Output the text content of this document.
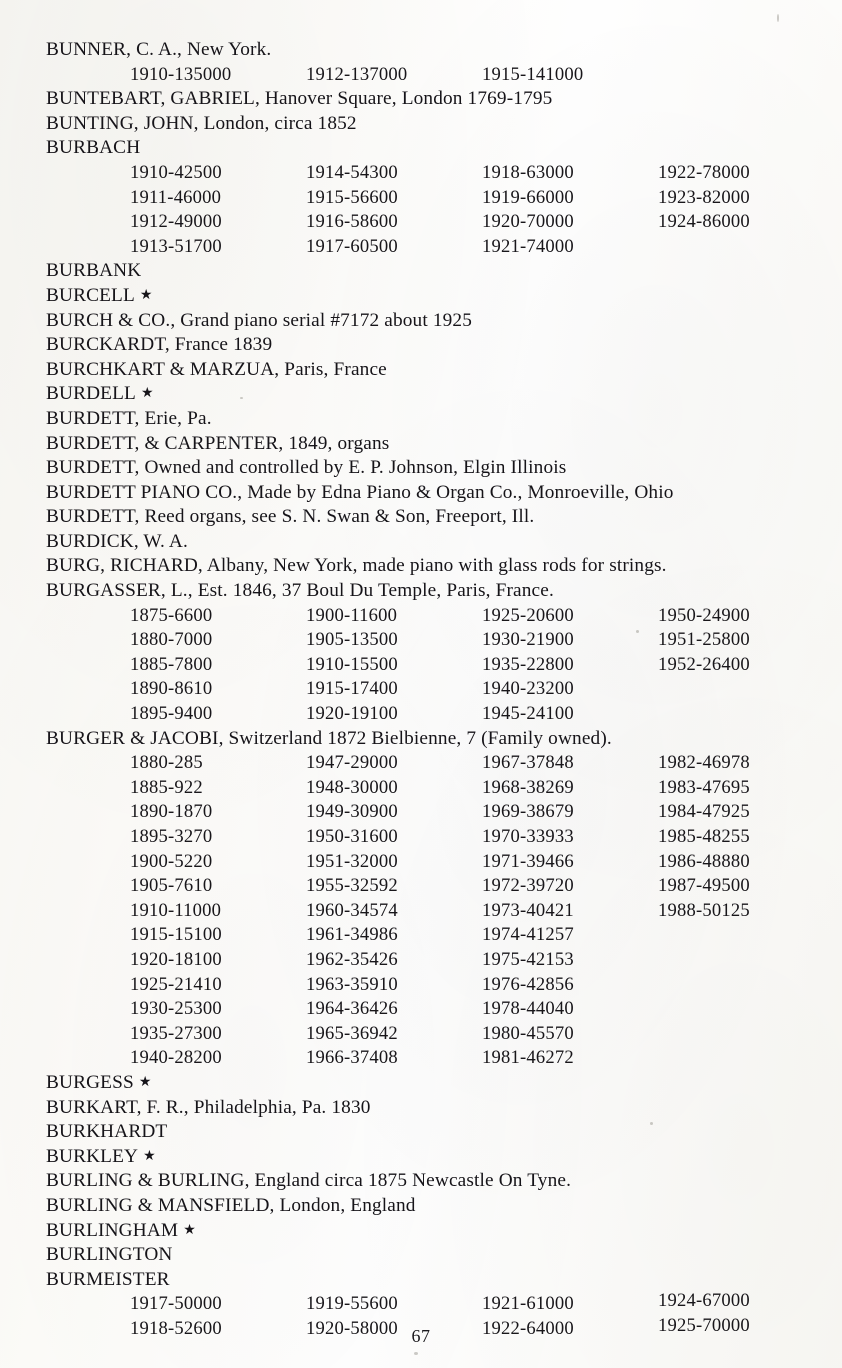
BUNNER, C. A., New York.
1910-135000	1912-137000	1915-141000
BUNTEBART, GABRIEL, Hanover Square, London 1769-1795
BUNTING, JOHN, London, circa 1852
BURBACH
1910-42500	1914-54300	1918-63000	1922-78000
1911-46000	1915-56600	1919-66000	1923-82000
1912-49000	1916-58600	1920-70000	1924-86000
1913-51700	1917-60500	1921-74000
BURBANK
BURCELL ★
BURCH & CO., Grand piano serial #7172 about 1925
BURCKARDT, France 1839
BURCHKART & MARZUA, Paris, France
BURDELL ★
BURDETT, Erie, Pa.
BURDETT, & CARPENTER, 1849, organs
BURDETT, Owned and controlled by E. P. Johnson, Elgin Illinois
BURDETT PIANO CO., Made by Edna Piano & Organ Co., Monroeville, Ohio
BURDETT, Reed organs, see S. N. Swan & Son, Freeport, Ill.
BURDICK, W. A.
BURG, RICHARD, Albany, New York, made piano with glass rods for strings.
BURGASSER, L., Est. 1846, 37 Boul Du Temple, Paris, France.
1875-6600	1900-11600	1925-20600	1950-24900
1880-7000	1905-13500	1930-21900	1951-25800
1885-7800	1910-15500	1935-22800	1952-26400
1890-8610	1915-17400	1940-23200
1895-9400	1920-19100	1945-24100
BURGER & JACOBI, Switzerland 1872 Bielbienne, 7 (Family owned).
1880-285	1947-29000	1967-37848	1982-46978
1885-922	1948-30000	1968-38269	1983-47695
1890-1870	1949-30900	1969-38679	1984-47925
1895-3270	1950-31600	1970-33933	1985-48255
1900-5220	1951-32000	1971-39466	1986-48880
1905-7610	1955-32592	1972-39720	1987-49500
1910-11000	1960-34574	1973-40421	1988-50125
1915-15100	1961-34986	1974-41257
1920-18100	1962-35426	1975-42153
1925-21410	1963-35910	1976-42856
1930-25300	1964-36426	1978-44040
1935-27300	1965-36942	1980-45570
1940-28200	1966-37408	1981-46272
BURGESS ★
BURKART, F. R., Philadelphia, Pa. 1830
BURKHARDT
BURKLEY ★
BURLING & BURLING, England circa 1875 Newcastle On Tyne.
BURLING & MANSFIELD, London, England
BURLINGHAM ★
BURLINGTON
BURMEISTER
1917-50000	1919-55600	1921-61000	1924-67000
1918-52600	1920-58000	1922-64000	1925-70000
67
